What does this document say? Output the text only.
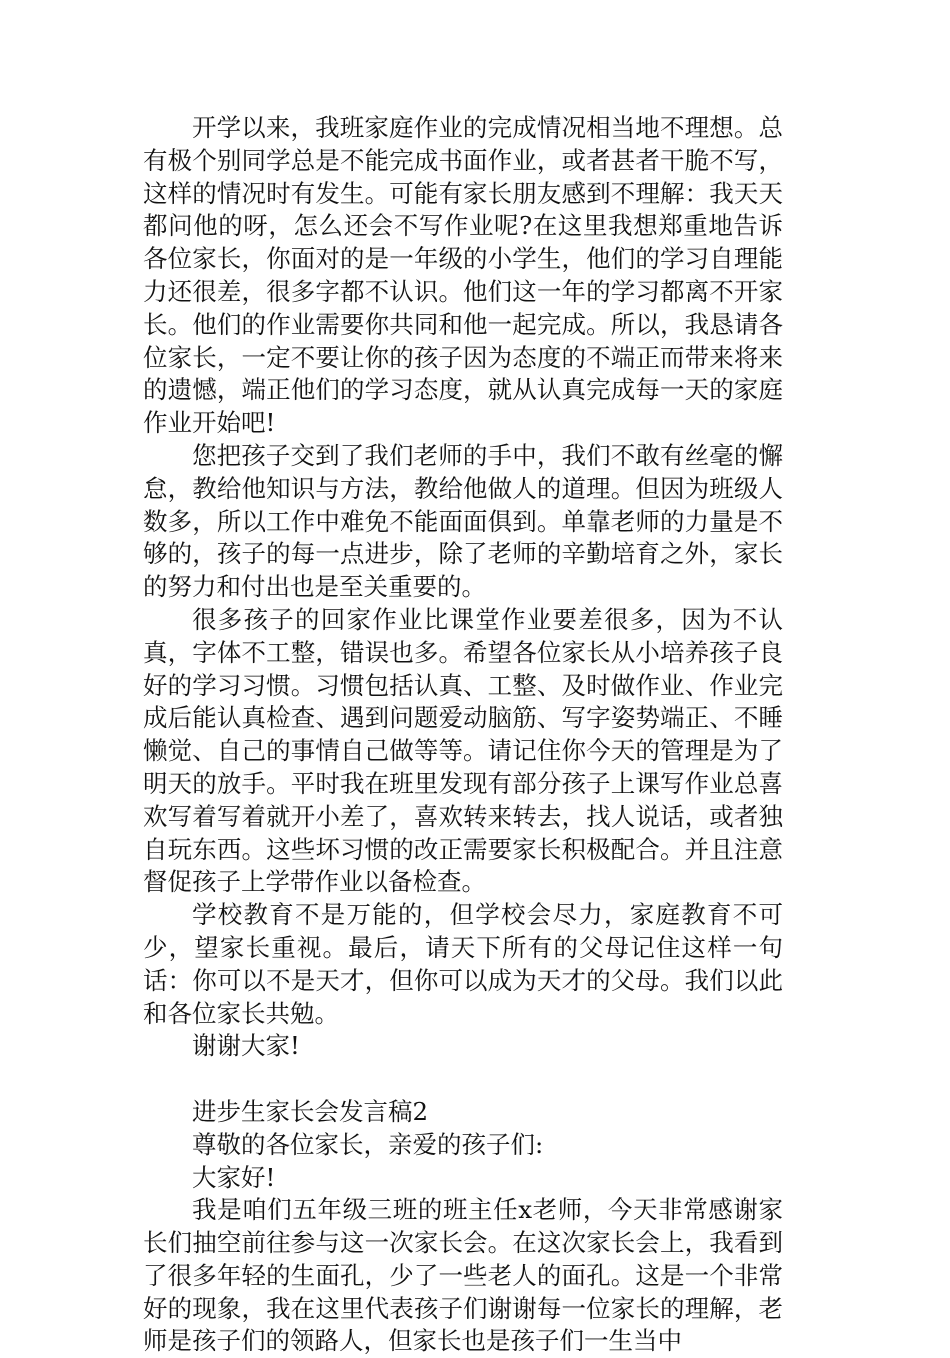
开学以来，我班家庭作业的完成情况相当地不理想。总有极个别同学总是不能完成书面作业，或者甚者干脆不写，这样的情况时有发生。可能有家长朋友感到不理解：我天天都问他的呀，怎么还会不写作业呢?在这里我想郑重地告诉各位家长，你面对的是一年级的小学生，他们的学习自理能力还很差，很多字都不认识。他们这一年的学习都离不开家长。他们的作业需要你共同和他一起完成。所以，我恳请各位家长，一定不要让你的孩子因为态度的不端正而带来将来的遗憾，端正他们的学习态度，就从认真完成每一天的家庭作业开始吧!

您把孩子交到了我们老师的手中，我们不敢有丝毫的懈怠，教给他知识与方法，教给他做人的道理。但因为班级人数多，所以工作中难免不能面面俱到。单靠老师的力量是不够的，孩子的每一点进步，除了老师的辛勤培育之外，家长的努力和付出也是至关重要的。

很多孩子的回家作业比课堂作业要差很多，因为不认真，字体不工整，错误也多。希望各位家长从小培养孩子良好的学习习惯。习惯包括认真、工整、及时做作业、作业完成后能认真检查、遇到问题爱动脑筋、写字姿势端正、不睡懒觉、自己的事情自己做等等。请记住你今天的管理是为了明天的放手。平时我在班里发现有部分孩子上课写作业总喜欢写着写着就开小差了，喜欢转来转去，找人说话，或者独自玩东西。这些坏习惯的改正需要家长积极配合。并且注意督促孩子上学带作业以备检查。

学校教育不是万能的，但学校会尽力，家庭教育不可少，望家长重视。最后，请天下所有的父母记住这样一句话：你可以不是天才，但你可以成为天才的父母。我们以此和各位家长共勉。

谢谢大家!

进步生家长会发言稿2

尊敬的各位家长，亲爱的孩子们:

大家好!

我是咱们五年级三班的班主任x老师，今天非常感谢家长们抽空前往参与这一次家长会。在这次家长会上，我看到了很多年轻的生面孔，少了一些老人的面孔。这是一个非常好的现象，我在这里代表孩子们谢谢每一位家长的理解，老师是孩子们的领路人，但家长也是孩子们一生当中
